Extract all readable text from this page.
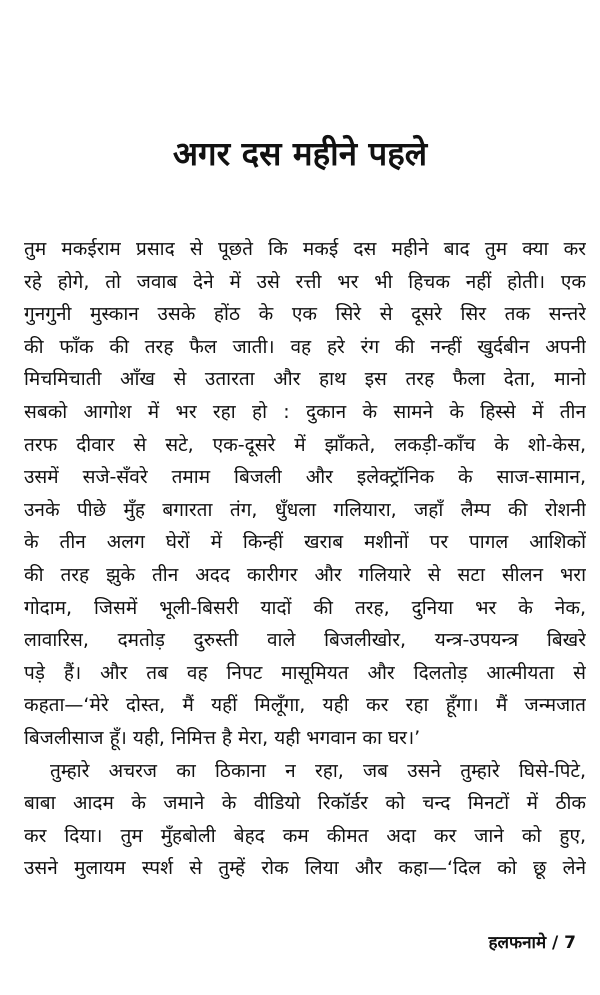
अगर दस महीने पहले
तुम मकईराम प्रसाद से पूछते कि मकई दस महीने बाद तुम क्या कर
रहे होगे, तो जवाब देने में उसे रत्ती भर भी हिचक नहीं होती। एक
गुनगुनी मुस्कान उसके होंठ के एक सिरे से दूसरे सिर तक सन्तरे
की फाँक की तरह फैल जाती। वह हरे रंग की नन्हीं खुर्दबीन अपनी
मिचमिचाती आँख से उतारता और हाथ इस तरह फैला देता, मानो
सबको आगोश में भर रहा हो : दुकान के सामने के हिस्से में तीन
तरफ दीवार से सटे, एक-दूसरे में झाँकते, लकड़ी-काँच के शो-केस,
उसमें सजे-सँवरे तमाम बिजली और इलेक्ट्रॉनिक के साज-सामान,
उनके पीछे मुँह बगारता तंग, धुँधला गलियारा, जहाँ लैम्प की रोशनी
के तीन अलग घेरों में किन्हीं खराब मशीनों पर पागल आशिकों
की तरह झुके तीन अदद कारीगर और गलियारे से सटा सीलन भरा
गोदाम, जिसमें भूली-बिसरी यादों की तरह, दुनिया भर के नेक,
लावारिस, दमतोड़ दुरुस्ती वाले बिजलीखोर, यन्त्र-उपयन्त्र बिखरे
पड़े हैं। और तब वह निपट मासूमियत और दिलतोड़ आत्मीयता से
कहता—‘मेरे दोस्त, मैं यहीं मिलूँगा, यही कर रहा हूँगा। मैं जन्मजात
बिजलीसाज हूँ। यही, निमित्त है मेरा, यही भगवान का घर।’
तुम्हारे अचरज का ठिकाना न रहा, जब उसने तुम्हारे घिसे-पिटे,
बाबा आदम के जमाने के वीडियो रिकॉर्डर को चन्द मिनटों में ठीक
कर दिया। तुम मुँहबोली बेहद कम कीमत अदा कर जाने को हुए,
उसने मुलायम स्पर्श से तुम्हें रोक लिया और कहा—‘दिल को छू लेने
हलफनामे / 7
